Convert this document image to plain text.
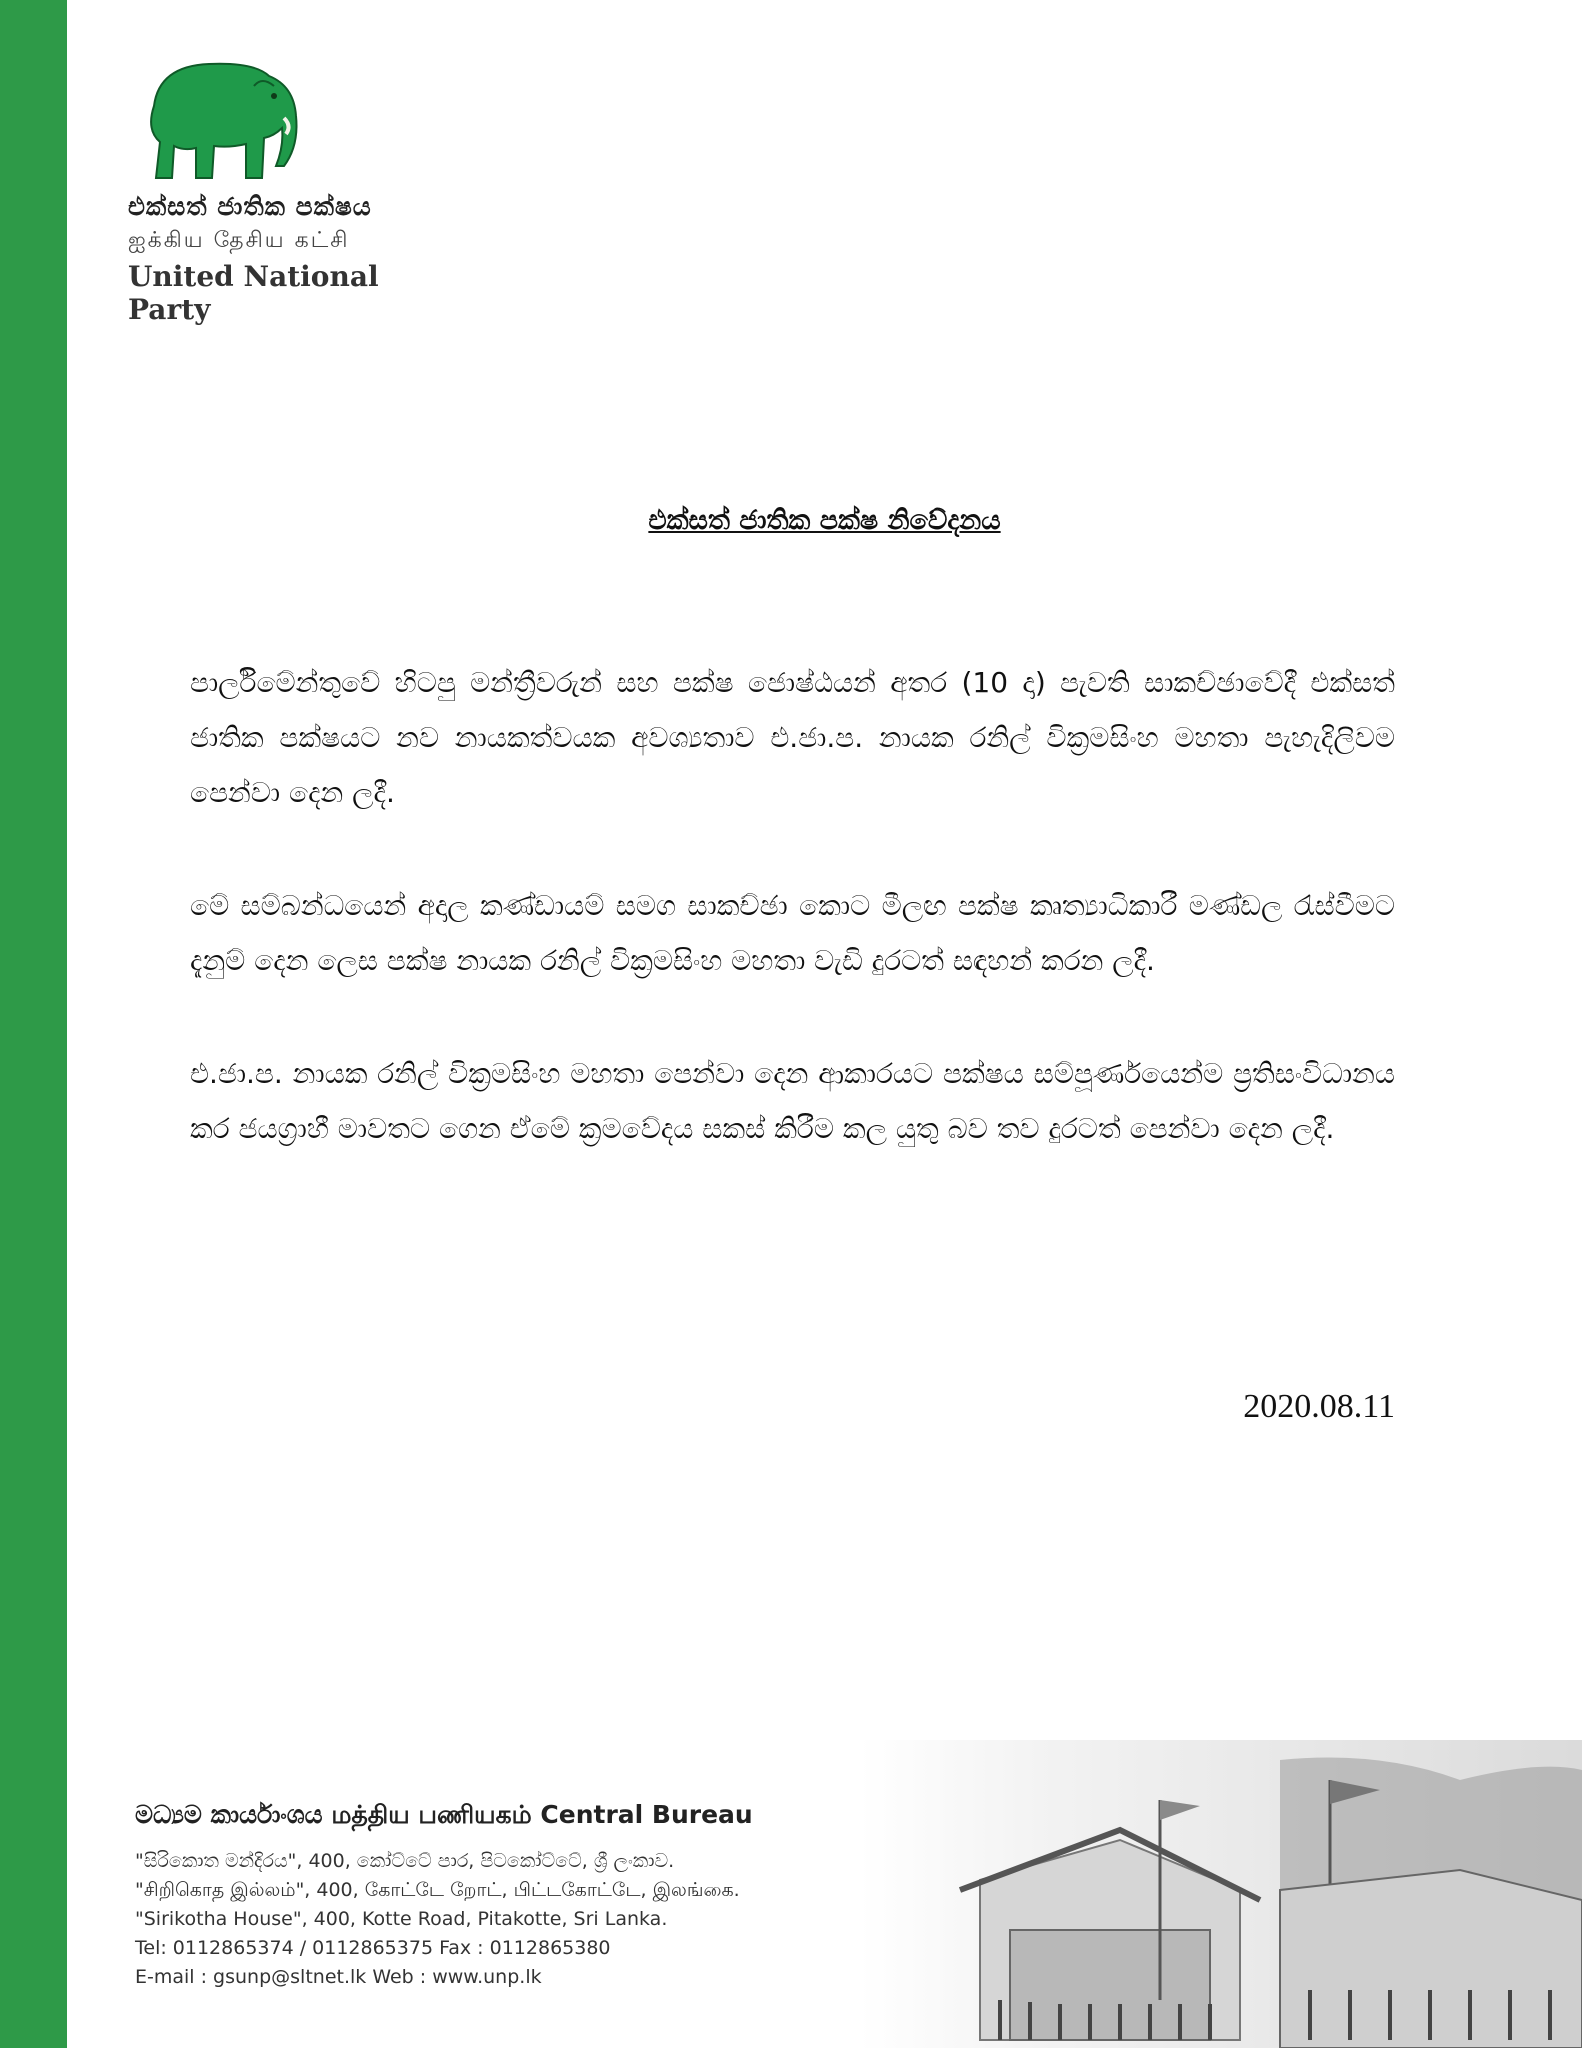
එක්සත් ජාතික පක්ෂය
ஐக்கிய தேசிய கட்சி
United National Party
එක්සත් ජාතික පක්ෂ නිවේදනය

පාර්ලිමේන්තුවේ හිටපු මන්ත්‍රීවරුන් සහ පක්ෂ ජොෂ්ඨයන් අතර (10 දා) පැවති සාකච්ඡාවේදී එක්සත් ජාතික පක්ෂයට නව නායකත්වයක අවශ්‍යතාව එ.ජා.ප. නායක රනිල් වික්‍රමසිංහ මහතා පැහැදිලිවම පෙන්වා දෙන ලදී.

මේ සම්බන්ධයෙන් අදාල කණ්ඩායම් සමග සාකච්ඡා කොට මීලඟ පක්ෂ කෘත්‍යාධිකාරී මණ්ඩල රැස්වීමට දැනුම් දෙන ලෙස පක්ෂ නායක රනිල් වික්‍රමසිංහ මහතා වැඩි දුරටත් සඳහන් කරන ලදී.

එ.ජා.ප. නායක රනිල් වික්‍රමසිංහ මහතා පෙන්වා දෙන ආකාරයට පක්ෂය සම්පූර්ණයෙන්ම ප්‍රතිසංවිධානය කර ජයග්‍රාහී මාවතට ගෙන ඒමේ ක්‍රමවේදය සකස් කිරීම කල යුතු බව තව දුරටත් පෙන්වා දෙන ලදී.

2020.08.11
මධ්‍යම කාර්යාංශය மத்திய பணியகம் Central Bureau
"සිරිකොත මන්දිරය", 400, කෝට්ටේ පාර, පිටකෝට්ටේ, ශ්‍රී ලංකාව.
"சிறிகொத இல்லம்", 400, கோட்டே றோட், பிட்டகோட்டே, இலங்கை.
"Sirikotha House", 400, Kotte Road, Pitakotte, Sri Lanka.
Tel: 0112865374 / 0112865375 Fax : 0112865380
E-mail : gsunp@sltnet.lk Web : www.unp.lk
